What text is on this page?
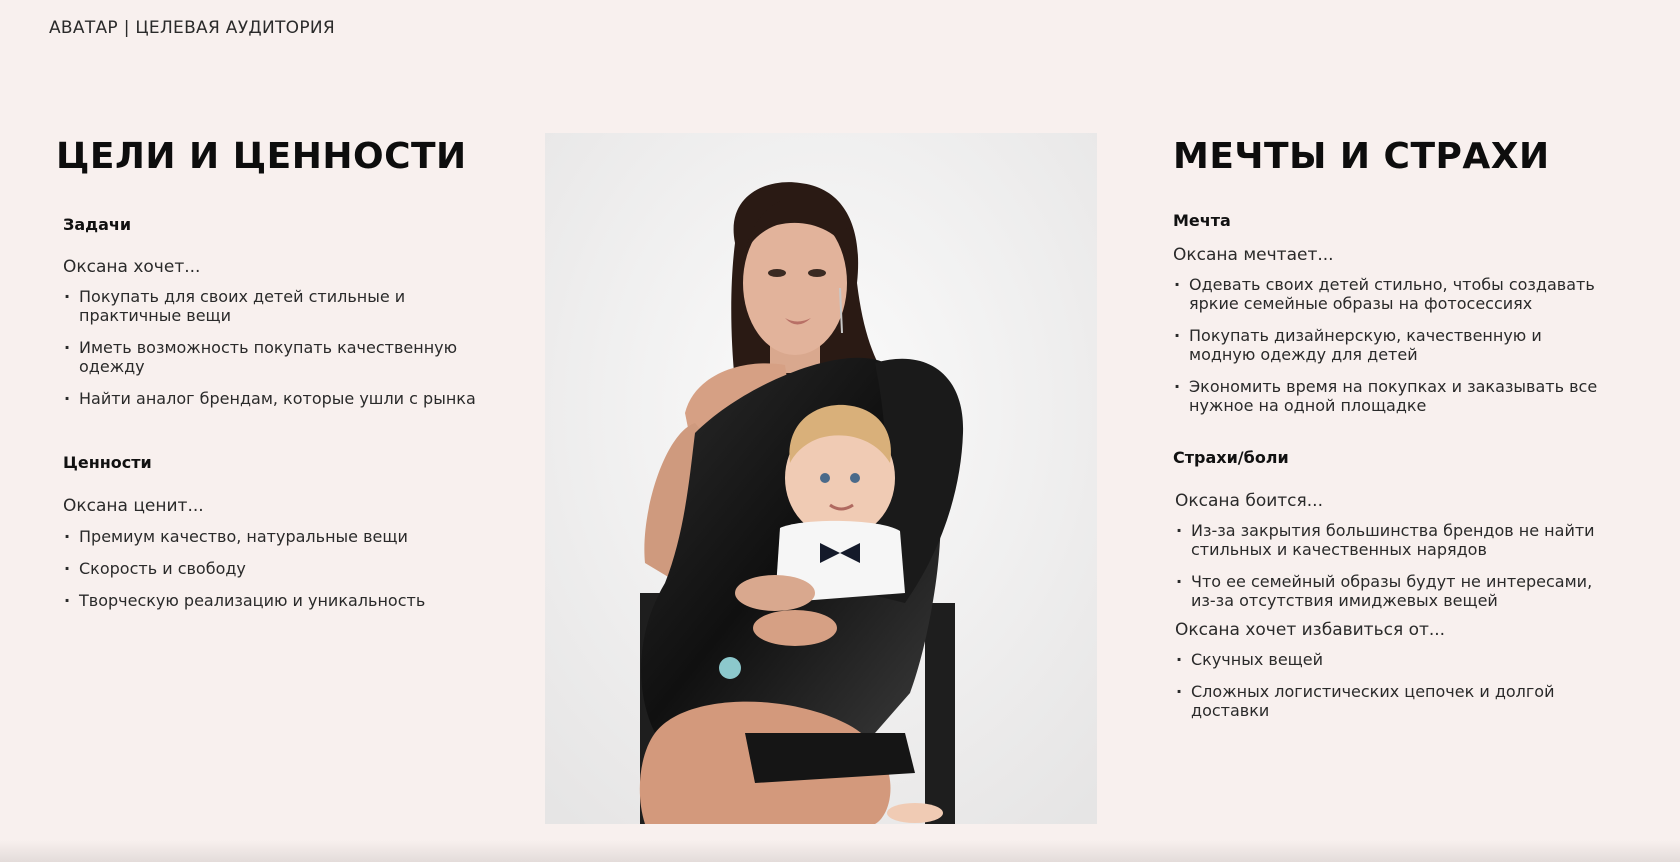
АВАТАР | ЦЕЛЕВАЯ АУДИТОРИЯ
ЦЕЛИ И ЦЕННОСТИ

Задачи

Оксана хочет...

· Покупать для своих детей стильные и практичные вещи
· Иметь возможность покупать качественную одежду
· Найти аналог брендам, которые ушли с рынка

Ценности

Оксана ценит...

· Премиум качество, натуральные вещи
· Скорость и свободу
· Творческую реализацию и уникальность
МЕЧТЫ И СТРАХИ

Мечта

Оксана мечтает...

· Одевать своих детей стильно, чтобы создавать яркие семейные образы на фотосессиях
· Покупать дизайнерскую, качественную и модную одежду для детей
· Экономить время на покупках и заказывать все нужное на одной площадке

Страхи/боли

Оксана боится...

· Из-за закрытия большинства брендов не найти стильных и качественных нарядов
· Что ее семейный образы будут не интересами, из-за отсутствия имиджевых вещей

Оксана хочет избавиться от...

· Скучных вещей
· Сложных логистических цепочек и долгой доставки
